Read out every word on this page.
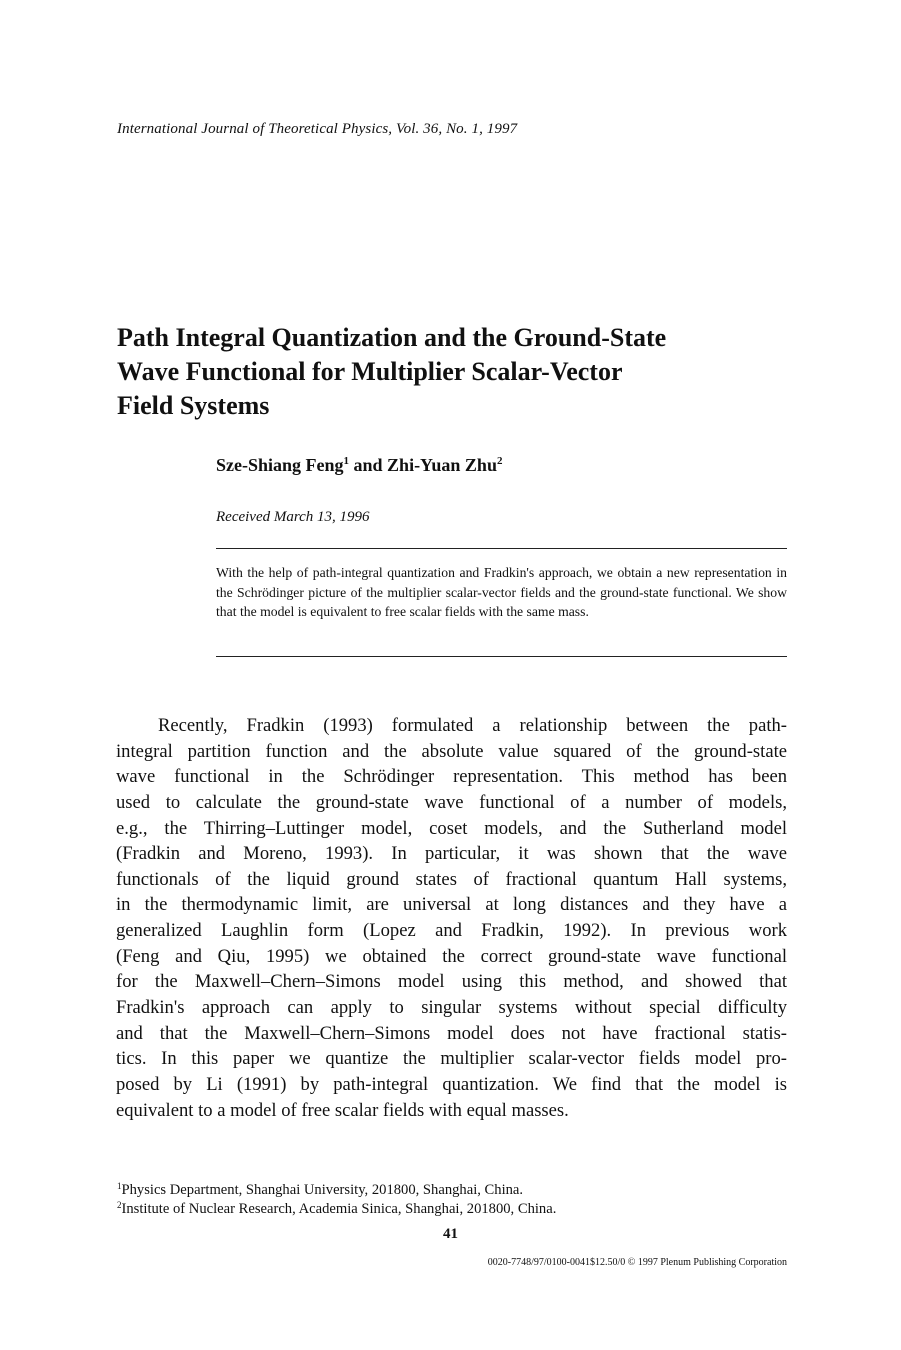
International Journal of Theoretical Physics, Vol. 36, No. 1, 1997
Path Integral Quantization and the Ground-State
Wave Functional for Multiplier Scalar-Vector
Field Systems
Sze-Shiang Feng$^1$ and Zhi-Yuan Zhu$^2$
Received March 13, 1996

With the help of path-integral quantization and Fradkin's approach, we obtain a new representation in the Schrödinger picture of the multiplier scalar-vector fields and the ground-state functional. We show that the model is equivalent to free scalar fields with the same mass.

Recently, Fradkin (1993) formulated a relationship between the path-
integral partition function and the absolute value squared of the ground-state
wave functional in the Schrödinger representation. This method has been
used to calculate the ground-state wave functional of a number of models,
e.g., the Thirring–Luttinger model, coset models, and the Sutherland model
(Fradkin and Moreno, 1993). In particular, it was shown that the wave
functionals of the liquid ground states of fractional quantum Hall systems,
in the thermodynamic limit, are universal at long distances and they have a
generalized Laughlin form (Lopez and Fradkin, 1992). In previous work
(Feng and Qiu, 1995) we obtained the correct ground-state wave functional
for the Maxwell–Chern–Simons model using this method, and showed that
Fradkin's approach can apply to singular systems without special difficulty
and that the Maxwell–Chern–Simons model does not have fractional statis-
tics. In this paper we quantize the multiplier scalar-vector fields model pro-
posed by Li (1991) by path-integral quantization. We find that the model is
equivalent to a model of free scalar fields with equal masses.
$^1$Physics Department, Shanghai University, 201800, Shanghai, China.
$^2$Institute of Nuclear Research, Academia Sinica, Shanghai, 201800, China.
41
0020-7748/97/0100-0041$12.50/0 © 1997 Plenum Publishing Corporation
